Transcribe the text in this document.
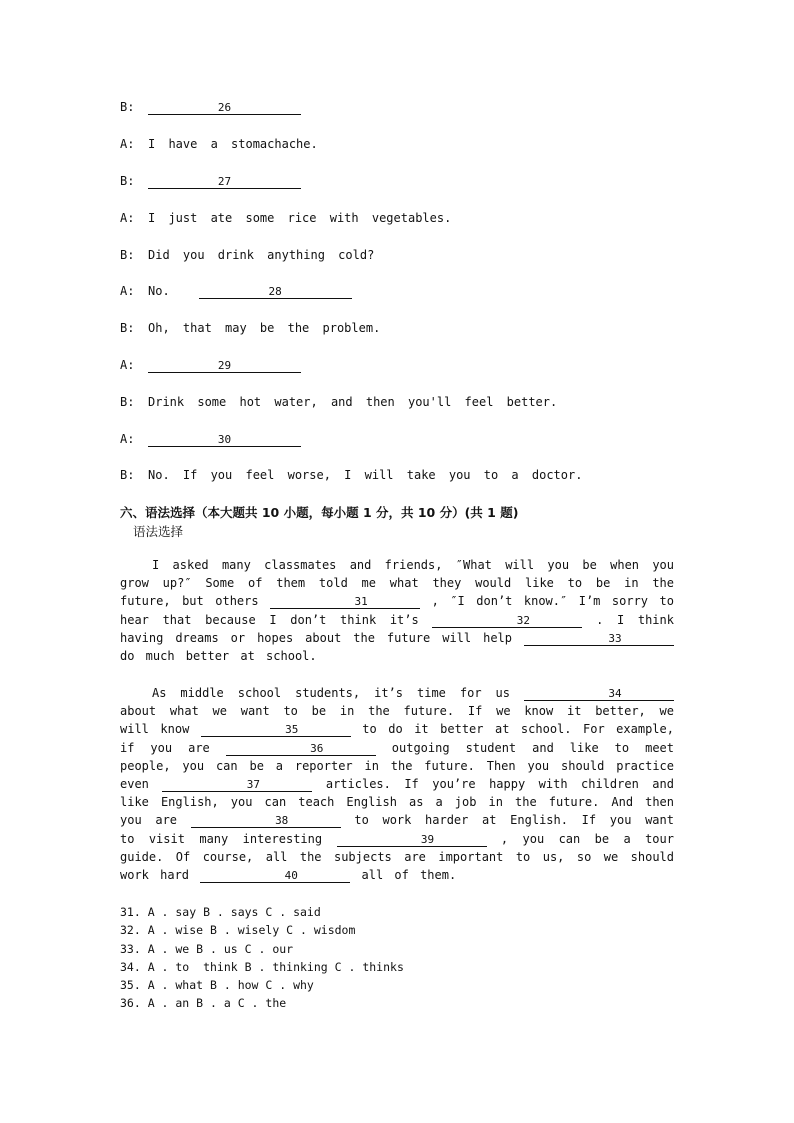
B:	26
A: I have a stomachache.
B:	27
A: I just ate some rice with vegetables.
B: Did you drink anything cold?
A: No.	28
B: Oh, that may be the problem.
A:	29
B: Drink some hot water, and then you'll feel better.
A:	30
B: No. If you feel worse, I will take you to a doctor.
六、语法选择（本大题共 10 小题，每小题 1 分，共 10 分）(共 1 题)
语法选择
I asked many classmates and friends, ″What will you be when you grow up?″ Some of them told me what they would like to be in the future, but others	31	, ″I don’t know.″ I’m sorry to hear that because I don’t think it’s	32	. I think having dreams or hopes about the future will help	33 do much better at school.
As middle school students, it’s time for us	34 about what we want to be in the future. If we know it better, we will know	35	to do it better at school. For example, if you are	36	outgoing student and like to meet people, you can be a reporter in the future. Then you should practice even	37	articles. If you’re happy with children and like English, you can teach English as a job in the future. And then you are	38	to work harder at English. If you want to visit many interesting	39	, you can be a tour guide. Of course, all the subjects are important to us, so we should work hard	40	all of them.
31. A . say B . says C . said
32. A . wise B . wisely C . wisdom
33. A . we B . us C . our
34. A . to  think B . thinking C . thinks
35. A . what B . how C . why
36. A . an B . a C . the
